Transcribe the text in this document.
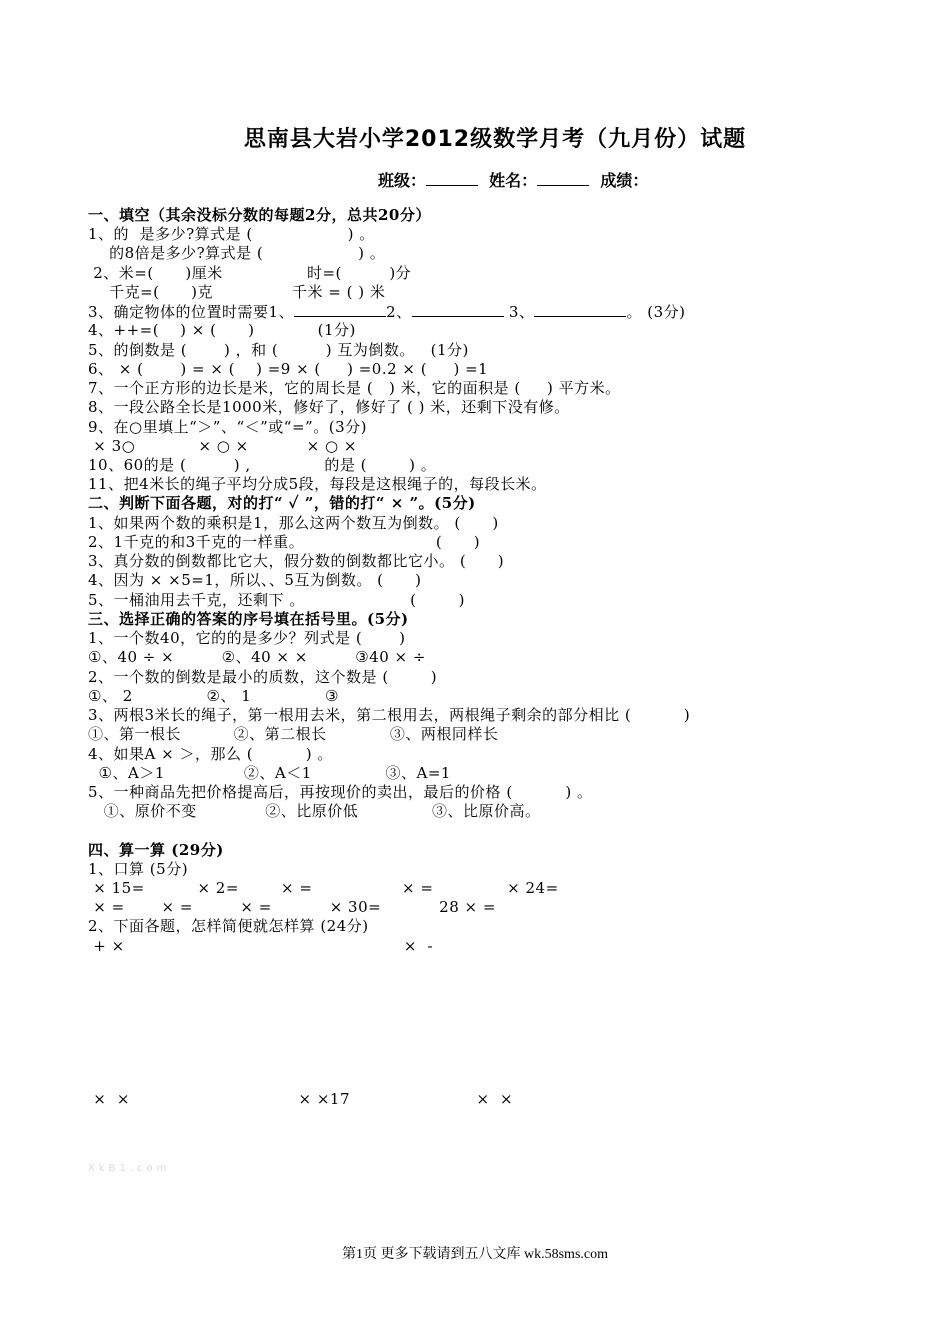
思南县大岩小学2012级数学月考（九月份）试题
班级：	姓名：	成绩：
一、填空（其余没标分数的每题2分，总共20分）
1、的  是多少?算式是 (                  ) 。
的8倍是多少?算式是 (                  ) 。
2、米=(      )厘米                时=(         )分
千克=(      )克               千米 = ( ) 米
3、确定物体的位置时需要1、	2、	3、	。 (3分)
4、++=(    ) × (      )            (1分)
5、的倒数是 (       ) ，和 (         ) 互为倒数。   (1分)
6、 × (       ) = × (    ) =9 × (     ) =0.2 × (     ) =1
7、一个正方形的边长是米，它的周长是 (   ) 米，它的面积是 (     ) 平方米。
8、一段公路全长是1000米，修好了，修好了 ( ) 米，还剩下没有修。
9、在○里填上“＞”、“＜”或“=”。(3分)
× 3○            × ○ ×           × ○ ×
10、60的是 (         ) ,              的是 (        ) 。
11、把4米长的绳子平均分成5段，每段是这根绳子的，每段长米。
二、判断下面各题，对的打“ ✓ ”，错的打“ × ”。(5分)
1、如果两个数的乘积是1，那么这两个数互为倒数。 (      )
2、1千克的和3千克的一样重。                         (      )
3、真分数的倒数都比它大，假分数的倒数都比它小。 (      )
4、因为 × ×5=1，所以、、5互为倒数。 (      )
5、一桶油用去千克，还剩下 。                    (        )
三、选择正确的答案的序号填在括号里。(5分)
1、一个数40，它的的是多少？列式是 (       )
①、40 ÷ ×         ②、40 × ×         ③40 × ÷
2、一个数的倒数是最小的质数，这个数是 (        )
①、 2              ②、 1              ③
3、两根3米长的绳子，第一根用去米，第二根用去，两根绳子剩余的部分相比 (          )
①、第一根长          ②、第二根长            ③、两根同样长
4、如果A × ＞，那么 (          ) 。
①、A＞1               ②、A＜1              ③、A=1
5、一种商品先把价格提高后，再按现价的卖出，最后的价格 (          ) 。
①、原价不变             ②、比原价低              ③、比原价高。
四、算一算 (29分)
1、口算 (5分)
× 15=          × 2=        × =                 × =              × 24=
× =       × =         × =           × 30=           28 × =
2、下面各题，怎样简便就怎样算 (24分)
+ ×                                                     ×  -
×  ×                                × ×17                        ×  ×
XkB1.com
第1页 更多下载请到五八文库 wk.58sms.com
